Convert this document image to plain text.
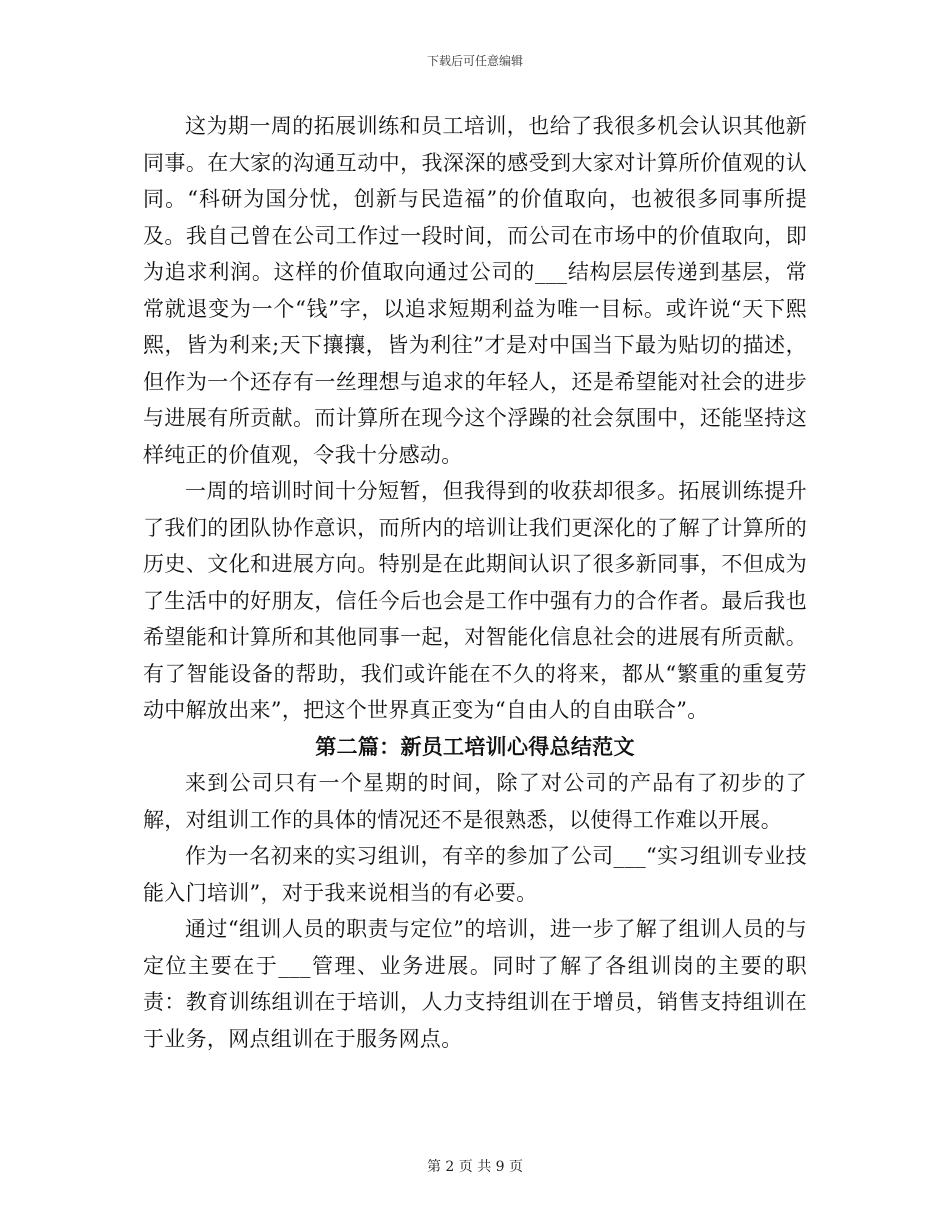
下载后可任意编辑

这为期一周的拓展训练和员工培训，也给了我很多机会认识其他新同事。在大家的沟通互动中，我深深的感受到大家对计算所价值观的认同。“科研为国分忧，创新与民造福”的价值取向，也被很多同事所提及。我自己曾在公司工作过一段时间，而公司在市场中的价值取向，即为追求利润。这样的价值取向通过公司的___结构层层传递到基层，常常就退变为一个“钱”字，以追求短期利益为唯一目标。或许说“天下熙熙，皆为利来;天下攘攘，皆为利往”才是对中国当下最为贴切的描述，但作为一个还存有一丝理想与追求的年轻人，还是希望能对社会的进步与进展有所贡献。而计算所在现今这个浮躁的社会氛围中，还能坚持这样纯正的价值观，令我十分感动。

一周的培训时间十分短暂，但我得到的收获却很多。拓展训练提升了我们的团队协作意识，而所内的培训让我们更深化的了解了计算所的历史、文化和进展方向。特别是在此期间认识了很多新同事，不但成为了生活中的好朋友，信任今后也会是工作中强有力的合作者。最后我也希望能和计算所和其他同事一起，对智能化信息社会的进展有所贡献。有了智能设备的帮助，我们或许能在不久的将来，都从“繁重的重复劳动中解放出来”，把这个世界真正变为“自由人的自由联合”。

第二篇：新员工培训心得总结范文

来到公司只有一个星期的时间，除了对公司的产品有了初步的了解，对组训工作的具体的情况还不是很熟悉，以使得工作难以开展。

作为一名初来的实习组训，有辛的参加了公司___“实习组训专业技能入门培训”，对于我来说相当的有必要。

通过“组训人员的职责与定位”的培训，进一步了解了组训人员的与定位主要在于___管理、业务进展。同时了解了各组训岗的主要的职责：教育训练组训在于培训，人力支持组训在于增员，销售支持组训在于业务，网点组训在于服务网点。

第 2 页 共 9 页
